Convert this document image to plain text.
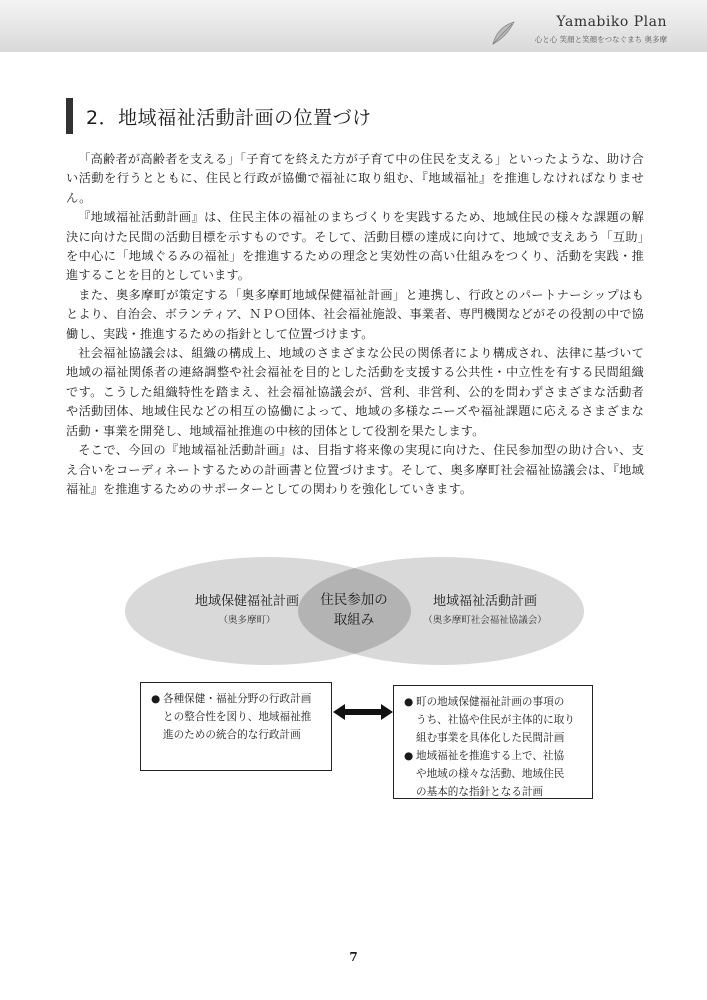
Yamabiko Plan
心と心 笑顔と笑顔をつなぐまち 奥多摩
2．地域福祉活動計画の位置づけ

「高齢者が高齢者を支える」「子育てを終えた方が子育て中の住民を支える」といったような、助け合い活動を行うとともに、住民と行政が協働で福祉に取り組む、『地域福祉』を推進しなければなりません。

『地域福祉活動計画』は、住民主体の福祉のまちづくりを実践するため、地域住民の様々な課題の解決に向けた民間の活動目標を示すものです。そして、活動目標の達成に向けて、地域で支えあう「互助」を中心に「地域ぐるみの福祉」を推進するための理念と実効性の高い仕組みをつくり、活動を実践・推進することを目的としています。

また、奥多摩町が策定する「奥多摩町地域保健福祉計画」と連携し、行政とのパートナーシップはもとより、自治会、ボランティア、ＮＰＯ団体、社会福祉施設、事業者、専門機関などがその役割の中で協働し、実践・推進するための指針として位置づけます。

社会福祉協議会は、組織の構成上、地域のさまざまな公民の関係者により構成され、法律に基づいて地域の福祉関係者の連絡調整や社会福祉を目的とした活動を支援する公共性・中立性を有する民間組織です。こうした組織特性を踏まえ、社会福祉協議会が、営利、非営利、公的を問わずさまざまな活動者や活動団体、地域住民などの相互の協働によって、地域の多様なニーズや福祉課題に応えるさまざまな活動・事業を開発し、地域福祉推進の中核的団体として役割を果たします。

そこで、今回の『地域福祉活動計画』は、目指す将来像の実現に向けた、住民参加型の助け合い、支え合いをコーディネートするための計画書と位置づけます。そして、奥多摩町社会福祉協議会は、『地域福祉』を推進するためのサポーターとしての関わりを強化していきます。

地域保健福祉計画
（奥多摩町）
地域福祉活動計画
（奥多摩町社会福祉協議会）
住民参加の
取組み
● 各種保健・福祉分野の行政計画
との整合性を図り、地域福祉推
進のための統合的な行政計画
● 町の地域保健福祉計画の事項の
うち、社協や住民が主体的に取り
組む事業を具体化した民間計画
● 地域福祉を推進する上で、社協
や地域の様々な活動、地域住民
の基本的な指針となる計画
7
